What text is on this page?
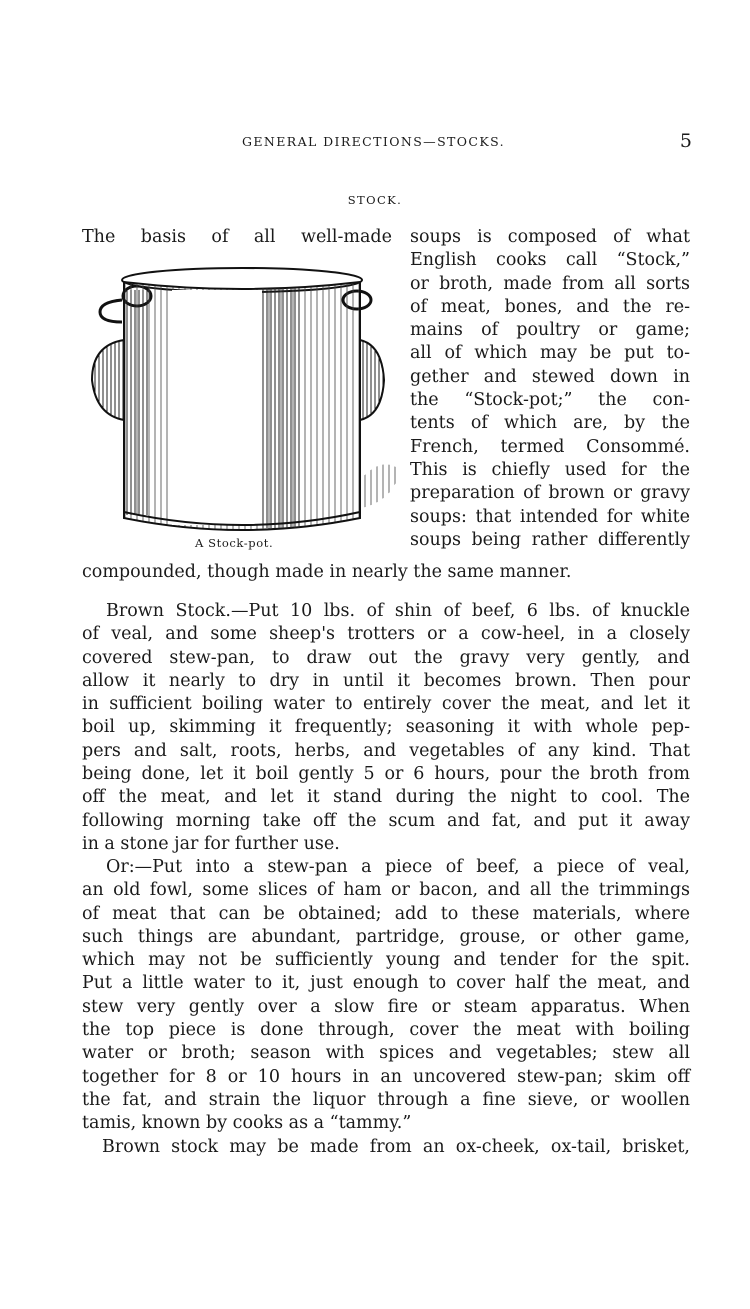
GENERAL DIRECTIONS—STOCKS.	5
STOCK.
The basis of all well-made
A Stock-pot.
soups is composed of what
English cooks call “Stock,”
or broth, made from all sorts
of meat, bones, and the re-
mains of poultry or game;
all of which may be put to-
gether and stewed down in
the “Stock-pot;” the con-
tents of which are, by the
French, termed Consommé.
This is chiefly used for the
preparation of brown or gravy
soups: that intended for white
soups being rather differently
compounded, though made in nearly the same manner.
Brown Stock.—Put 10 lbs. of shin of beef, 6 lbs. of knuckle
of veal, and some sheep's trotters or a cow-heel, in a closely
covered stew-pan, to draw out the gravy very gently, and
allow it nearly to dry in until it becomes brown. Then pour
in sufficient boiling water to entirely cover the meat, and let it
boil up, skimming it frequently; seasoning it with whole pep-
pers and salt, roots, herbs, and vegetables of any kind. That
being done, let it boil gently 5 or 6 hours, pour the broth from
off the meat, and let it stand during the night to cool. The
following morning take off the scum and fat, and put it away
in a stone jar for further use.
Or:—Put into a stew-pan a piece of beef, a piece of veal,
an old fowl, some slices of ham or bacon, and all the trimmings
of meat that can be obtained; add to these materials, where
such things are abundant, partridge, grouse, or other game,
which may not be sufficiently young and tender for the spit.
Put a little water to it, just enough to cover half the meat, and
stew very gently over a slow fire or steam apparatus. When
the top piece is done through, cover the meat with boiling
water or broth; season with spices and vegetables; stew all
together for 8 or 10 hours in an uncovered stew-pan; skim off
the fat, and strain the liquor through a fine sieve, or woollen
tamis, known by cooks as a “tammy.”
Brown stock may be made from an ox-cheek, ox-tail, brisket,
